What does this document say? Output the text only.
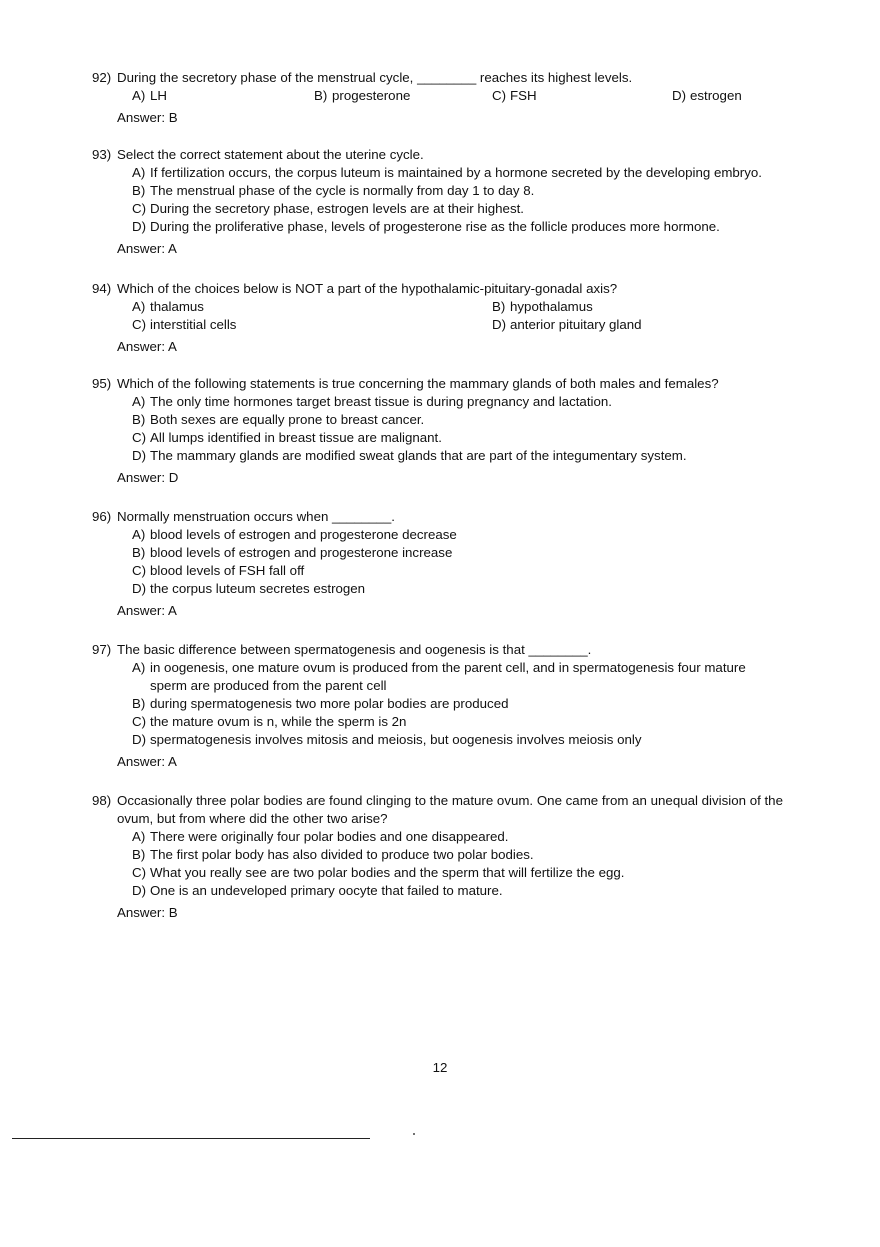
92) During the secretory phase of the menstrual cycle, ________ reaches its highest levels.
A) LH	B) progesterone	C) FSH	D) estrogen
Answer: B
93) Select the correct statement about the uterine cycle.
A) If fertilization occurs, the corpus luteum is maintained by a hormone secreted by the developing embryo.
B) The menstrual phase of the cycle is normally from day 1 to day 8.
C) During the secretory phase, estrogen levels are at their highest.
D) During the proliferative phase, levels of progesterone rise as the follicle produces more hormone.
Answer: A
94) Which of the choices below is NOT a part of the hypothalamic-pituitary-gonadal axis?
A) thalamus	B) hypothalamus
C) interstitial cells	D) anterior pituitary gland
Answer: A
95) Which of the following statements is true concerning the mammary glands of both males and females?
A) The only time hormones target breast tissue is during pregnancy and lactation.
B) Both sexes are equally prone to breast cancer.
C) All lumps identified in breast tissue are malignant.
D) The mammary glands are modified sweat glands that are part of the integumentary system.
Answer: D
96) Normally menstruation occurs when ________.
A) blood levels of estrogen and progesterone decrease
B) blood levels of estrogen and progesterone increase
C) blood levels of FSH fall off
D) the corpus luteum secretes estrogen
Answer: A
97) The basic difference between spermatogenesis and oogenesis is that ________.
A) in oogenesis, one mature ovum is produced from the parent cell, and in spermatogenesis four mature sperm are produced from the parent cell
B) during spermatogenesis two more polar bodies are produced
C) the mature ovum is n, while the sperm is 2n
D) spermatogenesis involves mitosis and meiosis, but oogenesis involves meiosis only
Answer: A
98) Occasionally three polar bodies are found clinging to the mature ovum. One came from an unequal division of the ovum, but from where did the other two arise?
A) There were originally four polar bodies and one disappeared.
B) The first polar body has also divided to produce two polar bodies.
C) What you really see are two polar bodies and the sperm that will fertilize the egg.
D) One is an undeveloped primary oocyte that failed to mature.
Answer: B
12
